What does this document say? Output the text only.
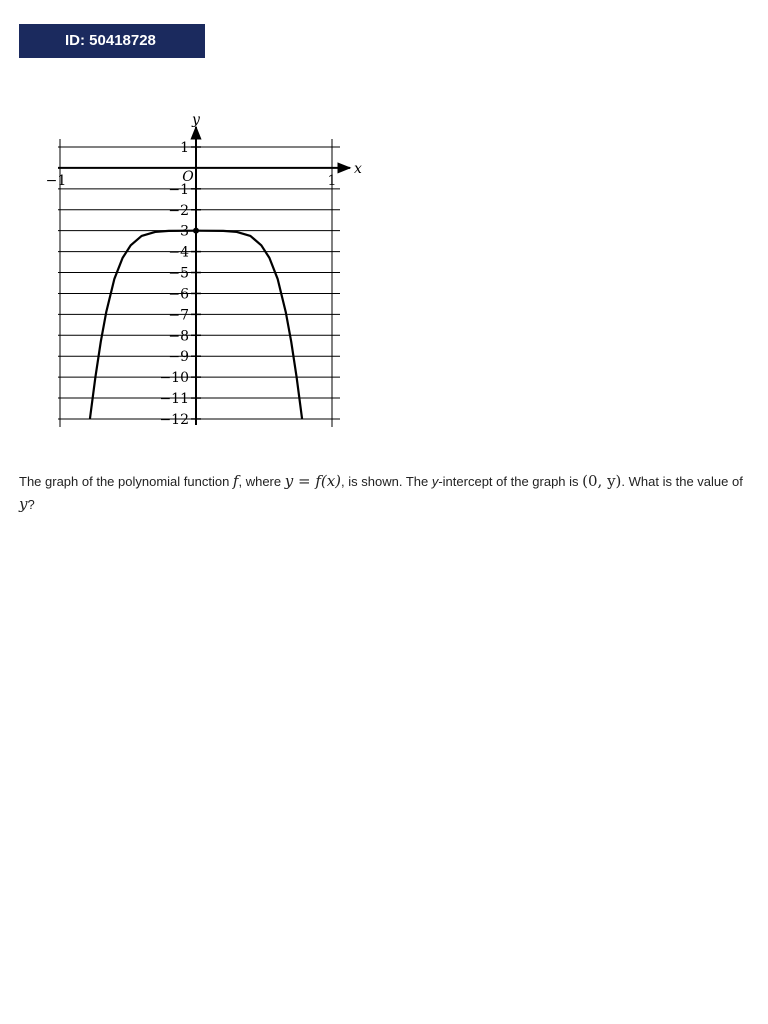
ID: 50418728
1
−1
−2
−3
−4
−5
−6
−7
−8
−9
−10
−11
−12
−1	1
O	x
y
The graph of the polynomial function f, where y = f(x), is shown. The y-intercept of the graph is (0, y). What is the value of y?
